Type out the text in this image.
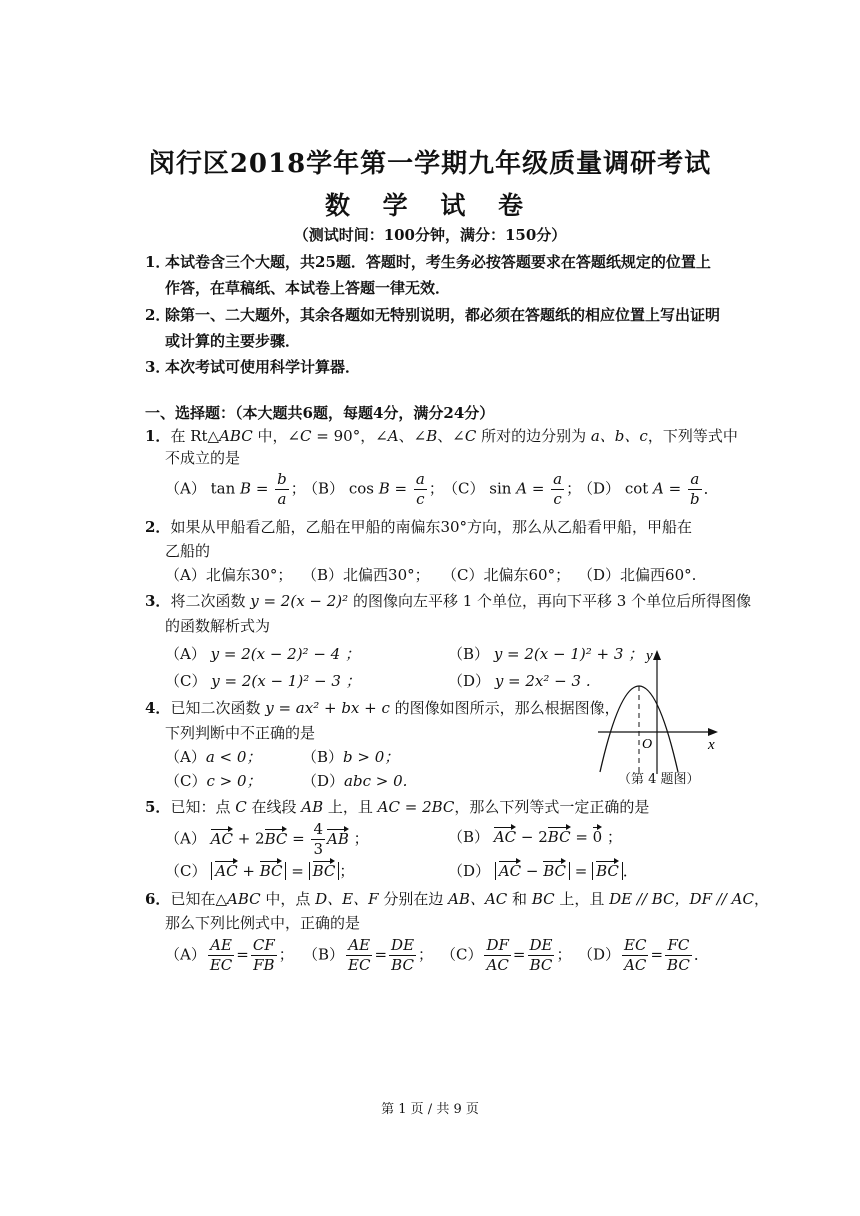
闵行区2018学年第一学期九年级质量调研考试
数 学 试 卷
（测试时间：100分钟，满分：150分）
1．
本试卷含三个大题，共25题．答题时，考生务必按答题要求在答题纸规定的位置上
作答，在草稿纸、本试卷上答题一律无效．
2．
除第一、二大题外，其余各题如无特别说明，都必须在答题纸的相应位置上写出证明
或计算的主要步骤．
3．
本次考试可使用科学计算器．
一、选择题：（本大题共6题，每题4分，满分24分）
1．在 Rt△ABC 中，∠C = 90°，∠A、∠B、∠C 所对的边分别为 a、b、c，下列等式中
不成立的是
（A） $\tan B = \frac{b}{a}$ ；
（B） $\cos B = \frac{a}{c}$ ； （C） $\sin A = \frac{a}{c}$ ；
（D） $\cot A = \frac{a}{b}$ ．
2．如果从甲船看乙船，乙船在甲船的南偏东30°方向，那么从乙船看甲船，甲船在
乙船的
（A）北偏东30°； （B）北偏西30°； （C）北偏东60°； （D）北偏西60°.
3．将二次函数 y = 2(x − 2)² 的图像向左平移 1 个单位，再向下平移 3 个单位后所得图像
的函数解析式为
（A） y = 2(x − 2)² − 4 ；	（B） y = 2(x − 1)² + 3 ；
（C） y = 2(x − 1)² − 3 ；	（D） y = 2x² − 3 .
4．已知二次函数 y = ax² + bx + c 的图像如图所示，那么根据图像，
下列判断中不正确的是
（A）a < 0；	（B）b > 0；
（C）c > 0；	（D）abc > 0.
y
x
O
（第 4 题图）
5．已知：点 C 在线段 AB 上，且 AC = 2BC，那么下列等式一定正确的是
（A） AC + $2BC = \frac{4}{3}$ AB ；	（B） AC − 2BC = 0 ；
（C） AC + BC = BC ；	（D） AC − BC = BC ．
6．已知在△ABC 中，点 D、E、F 分别在边 AB、AC 和 BC 上，且 DE // BC，DF // AC，
那么下列比例式中，正确的是
$(A) \frac{AE}{EC} = \frac{CF}{FB}$ ； $(B) \frac{AE}{EC} = \frac{DE}{BC}$ ； $(C) \frac{DF}{AC} = \frac{DE}{BC}$ ； $(D) \frac{EC}{AC} = \frac{FC}{BC}$ ．
第 1 页 / 共 9 页
